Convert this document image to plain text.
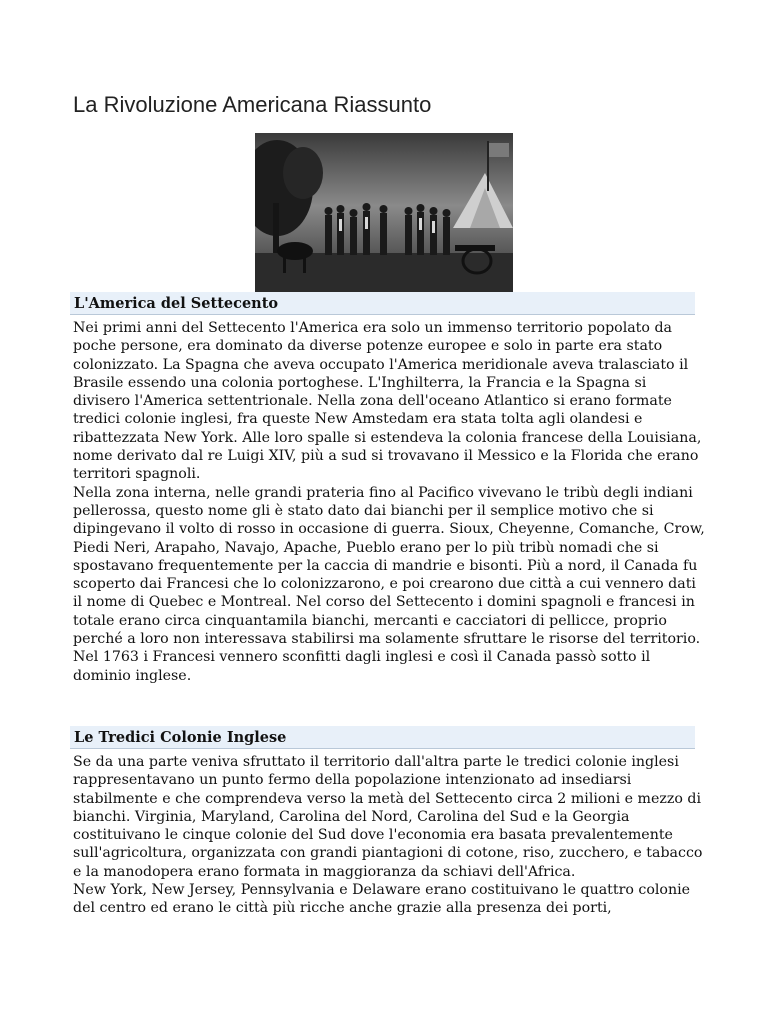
La Rivoluzione Americana Riassunto
L'America del Settecento

Nei primi anni del Settecento l'America era solo un immenso territorio popolato da poche persone, era dominato da diverse potenze europee e solo in parte era stato colonizzato. La Spagna che aveva occupato l'America meridionale aveva tralasciato il Brasile essendo una colonia portoghese. L'Inghilterra, la Francia e la Spagna si divisero l'America settentrionale. Nella zona dell'oceano Atlantico si erano formate tredici colonie inglesi, fra queste New Amstedam era stata tolta agli olandesi e ribattezzata New York. Alle loro spalle si estendeva la colonia francese della Louisiana, nome derivato dal re Luigi XIV, più a sud si trovavano il Messico e la Florida che erano territori spagnoli.

Nella zona interna, nelle grandi prateria fino al Pacifico vivevano le tribù degli indiani pellerossa, questo nome gli è stato dato dai bianchi per il semplice motivo che si dipingevano il volto di rosso in occasione di guerra. Sioux, Cheyenne, Comanche, Crow, Piedi Neri, Arapaho, Navajo, Apache, Pueblo erano per lo più tribù nomadi che si spostavano frequentemente per la caccia di mandrie e bisonti. Più a nord, il Canada fu scoperto dai Francesi che lo colonizzarono, e poi crearono due città a cui vennero dati il nome di Quebec e Montreal. Nel corso del Settecento i domini spagnoli e francesi in totale erano circa cinquantamila bianchi, mercanti e cacciatori di pellicce, proprio perché a loro non interessava stabilirsi ma solamente sfruttare le risorse del territorio. Nel 1763 i Francesi vennero sconfitti dagli inglesi e così il Canada passò sotto il dominio inglese.

Le Tredici Colonie Inglese

Se da una parte veniva sfruttato il territorio dall'altra parte le tredici colonie inglesi rappresentavano un punto fermo della popolazione intenzionato ad insediarsi stabilmente e che comprendeva verso la metà del Settecento circa 2 milioni e mezzo di bianchi. Virginia, Maryland, Carolina del Nord, Carolina del Sud e la Georgia costituivano le cinque colonie del Sud dove l'economia era basata prevalentemente sull'agricoltura, organizzata con grandi piantagioni di cotone, riso, zucchero, e tabacco e la manodopera erano formata in maggioranza da schiavi dell'Africa.

New York, New Jersey, Pennsylvania e Delaware erano costituivano le quattro colonie del centro ed erano le città più ricche anche grazie alla presenza dei porti,
